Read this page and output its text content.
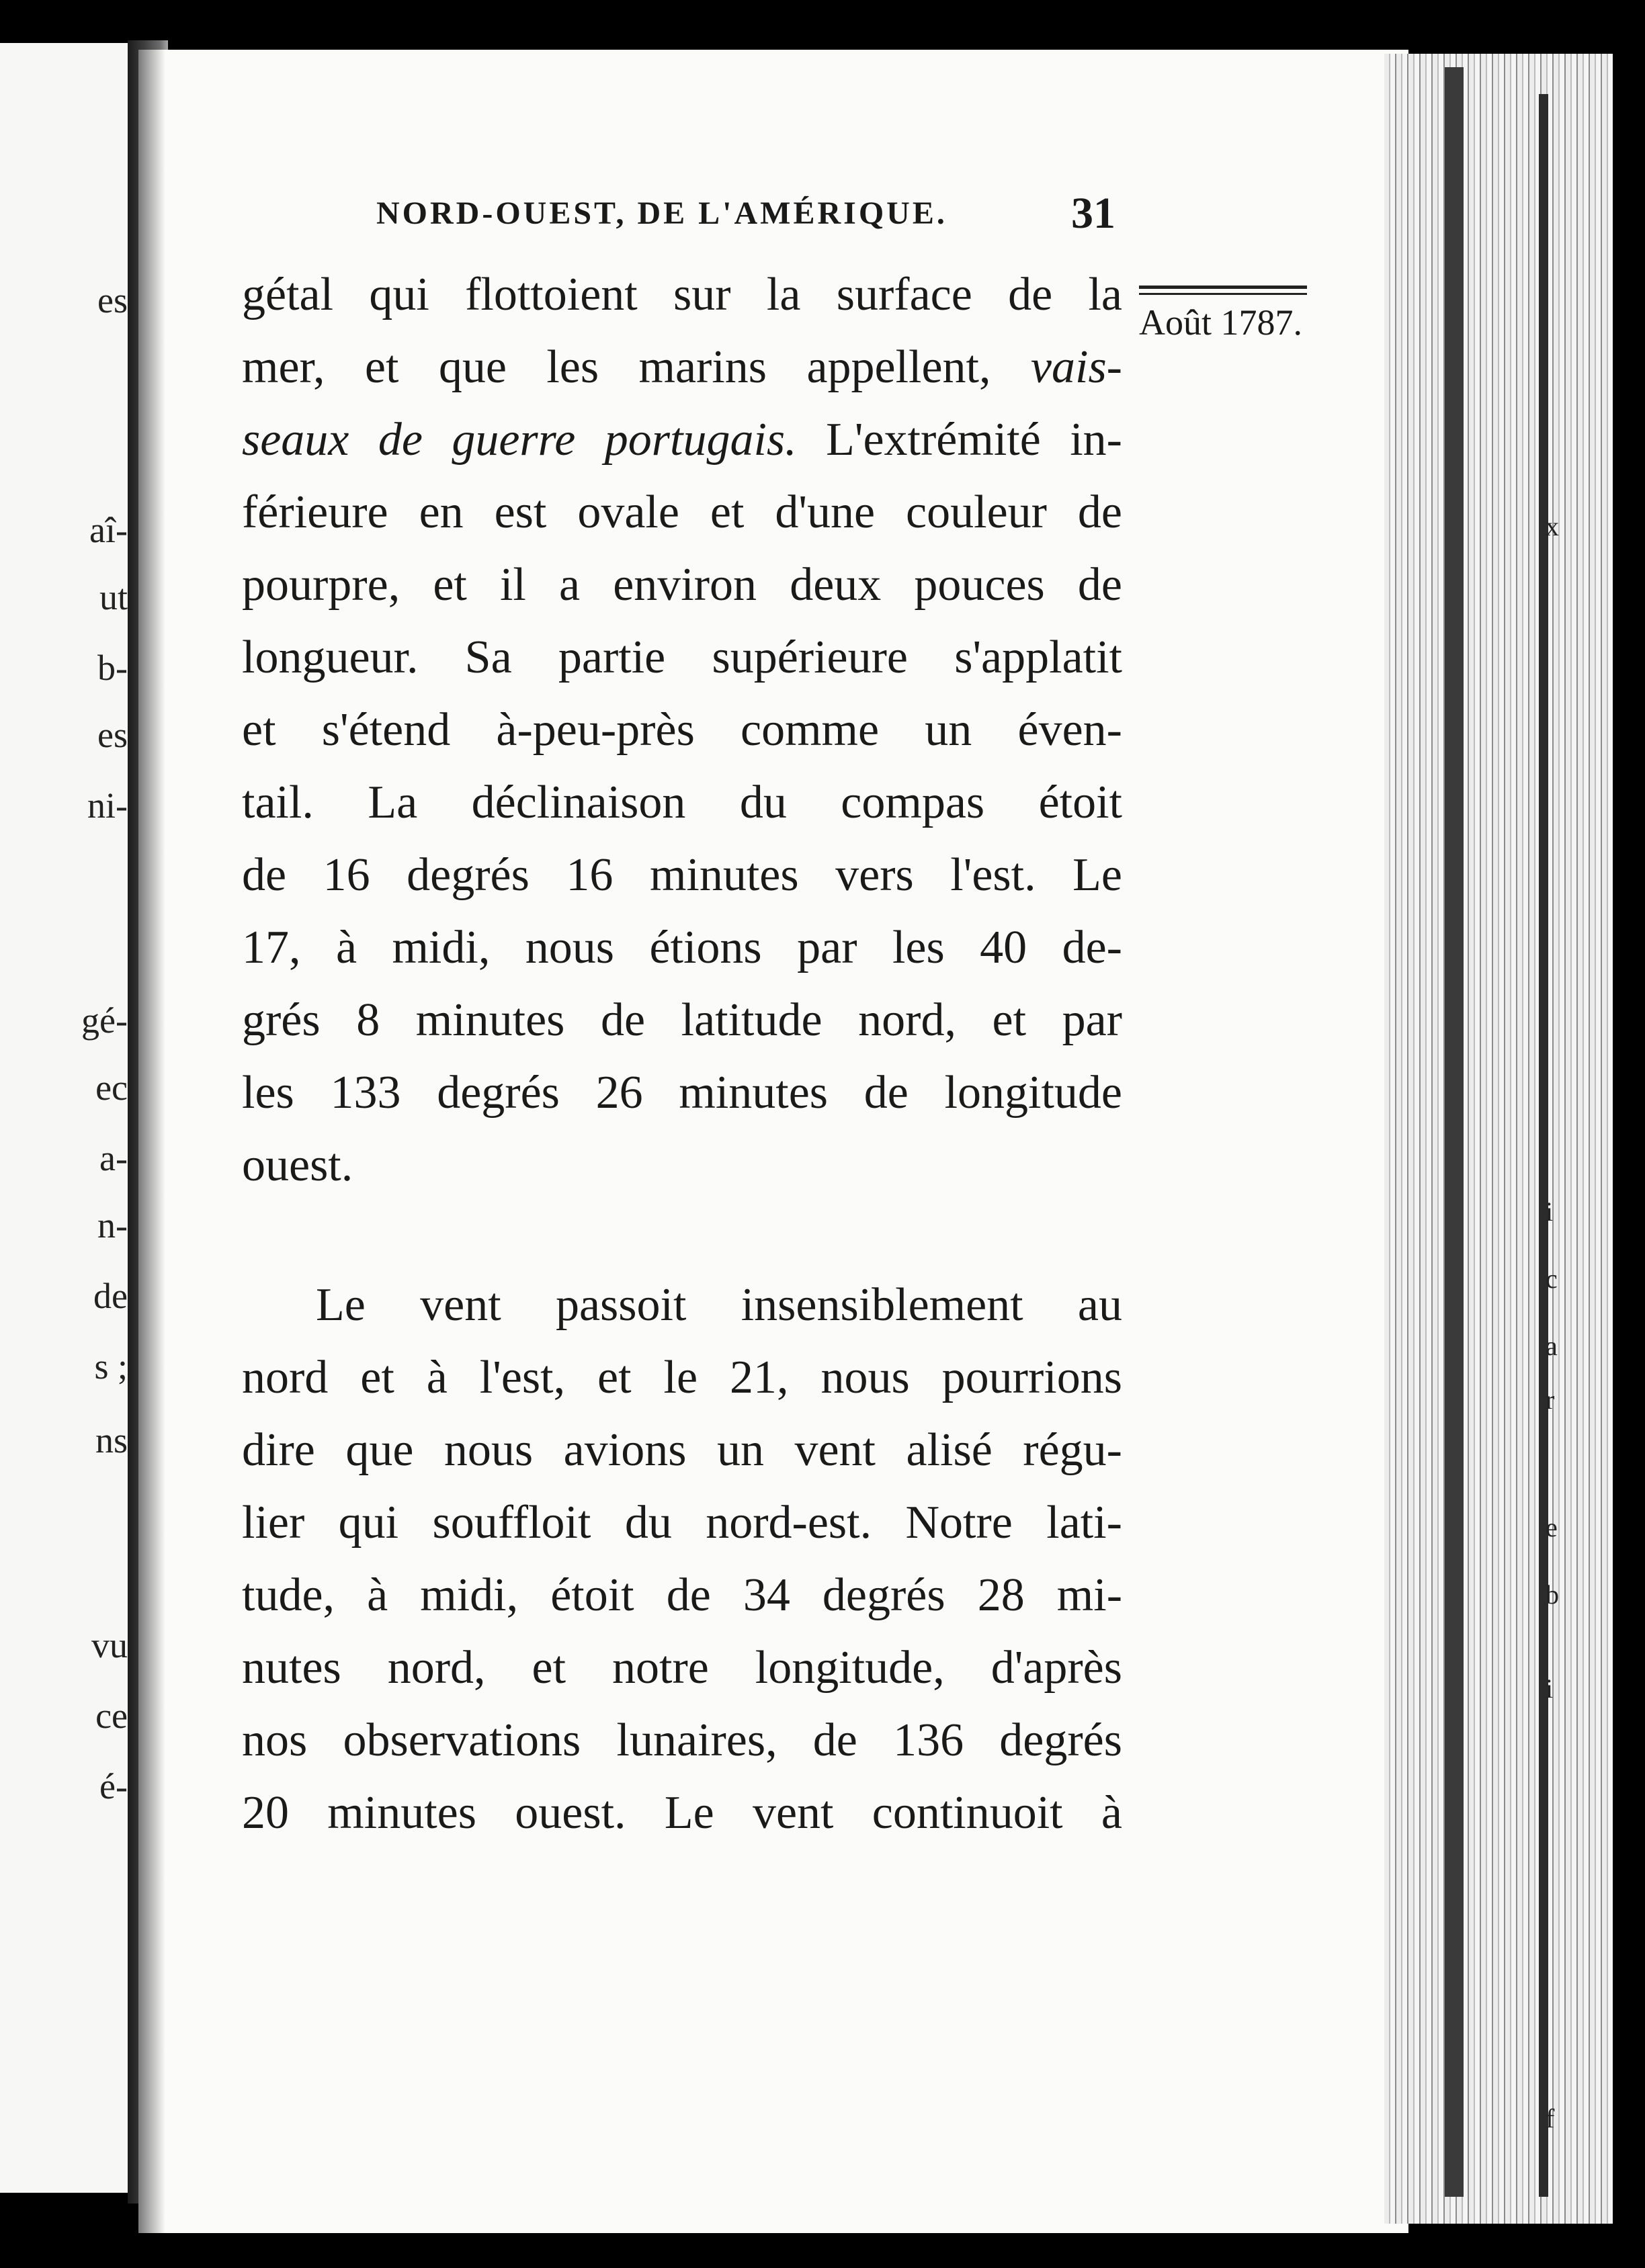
es
aî-
ut
b-
es
ni-
gé-
ec
a-
n-
de
s ;
ns
vu
ce
é-
NORD-OUEST, DE L'AMÉRIQUE.	31
Août 1787.
gétal qui flottoient sur la surface de la
mer, et que les marins appellent, vais-
seaux de guerre portugais. L'extrémité in-
férieure en est ovale et d'une couleur de
pourpre, et il a environ deux pouces de
longueur. Sa partie supérieure s'applatit
et s'étend à-peu-près comme un éven-
tail. La déclinaison du compas étoit
de 16 degrés 16 minutes vers l'est. Le
17, à midi, nous étions par les 40 de-
grés 8 minutes de latitude nord, et par
les 133 degrés 26 minutes de longitude
ouest.
Le vent passoit insensiblement au
nord et à l'est, et le 21, nous pourrions
dire que nous avions un vent alisé régu-
lier qui souffloit du nord-est. Notre lati-
tude, à midi, étoit de 34 degrés 28 mi-
nutes nord, et notre longitude, d'après
nos observations lunaires, de 136 degrés
20 minutes ouest. Le vent continuoit à
x
i
c
a
r
e
b
i
f
